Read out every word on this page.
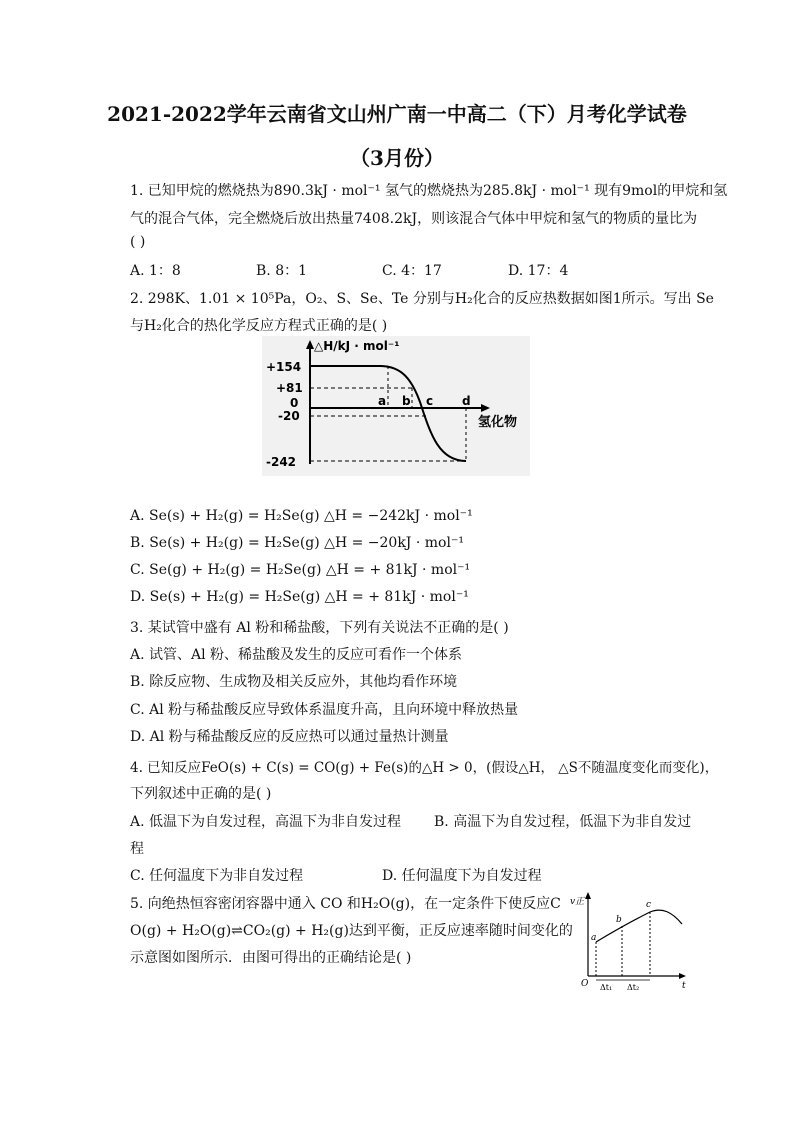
2021-2022学年云南省文山州广南一中高二（下）月考化学试卷
（3月份）
1. 已知甲烷的燃烧热为890.3kJ · mol⁻¹ 氢气的燃烧热为285.8kJ · mol⁻¹ 现有9mol的甲烷和氢
气的混合气体，完全燃烧后放出热量7408.2kJ，则该混合气体中甲烷和氢气的物质的量比为
( )
A. 1：8	B. 8：1	C. 4：17	D. 17：4
2. 298K、1.01 × 10⁵Pa，O₂、S、Se、Te 分别与H₂化合的反应热数据如图1所示。写出 Se
与H₂化合的热化学反应方程式正确的是( )
△H/kJ · mol⁻¹
+154
+81
0
-20
-242
a b c d
氢化物
A. Se(s) + H₂(g) = H₂Se(g) △H = −242kJ · mol⁻¹
B. Se(s) + H₂(g) = H₂Se(g) △H = −20kJ · mol⁻¹
C. Se(g) + H₂(g) = H₂Se(g) △H = + 81kJ · mol⁻¹
D. Se(s) + H₂(g) = H₂Se(g) △H = + 81kJ · mol⁻¹
3. 某试管中盛有 Al 粉和稀盐酸，下列有关说法不正确的是( )
A. 试管、Al 粉、稀盐酸及发生的反应可看作一个体系
B. 除反应物、生成物及相关反应外，其他均看作环境
C. Al 粉与稀盐酸反应导致体系温度升高，且向环境中释放热量
D. Al 粉与稀盐酸反应的反应热可以通过量热计测量
4. 已知反应FeO(s) + C(s) = CO(g) + Fe(s)的△H > 0，(假设△H， △S不随温度变化而变化)，
下列叙述中正确的是( )
A. 低温下为自发过程，高温下为非自发过程 B. 高温下为自发过程，低温下为非自发过
程
C. 任何温度下为非自发过程	D. 任何温度下为自发过程
5. 向绝热恒容密闭容器中通入 CO 和H₂O(g)，在一定条件下使反应C
O(g) + H₂O(g)⇌CO₂(g) + H₂(g)达到平衡，正反应速率随时间变化的
示意图如图所示．由图可得出的正确结论是( )
v正
O	t
a
b
c
Δt₁ Δt₂
